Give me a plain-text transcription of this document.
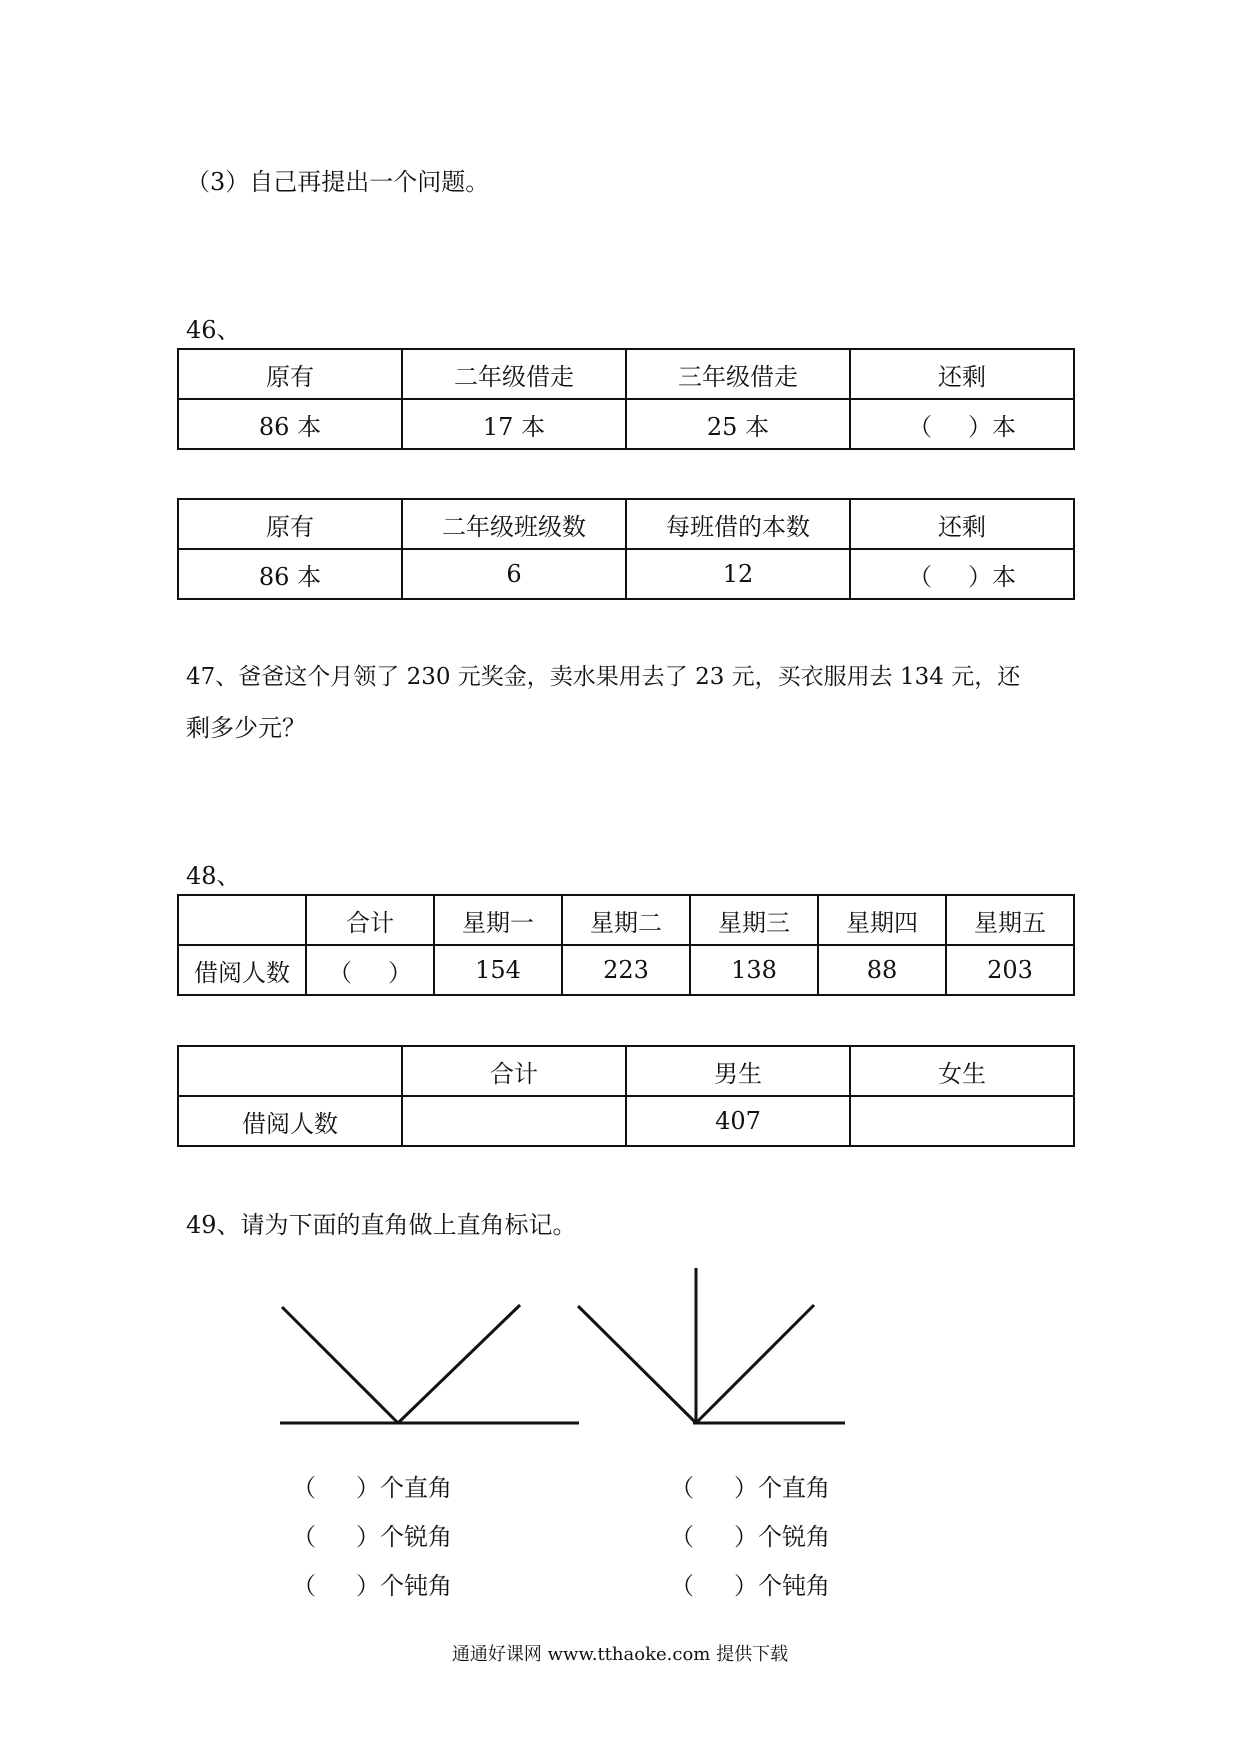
（3）自己再提出一个问题。
46、
原有	二年级借走	三年级借走	还剩
86 本	17 本	25 本	（ ）本
原有	二年级班级数	每班借的本数	还剩
86 本	6	12	（ ）本
47、爸爸这个月领了 230 元奖金，卖水果用去了 23 元，买衣服用去 134 元，还
剩多少元？
48、
	合计	星期一	星期二	星期三	星期四	星期五
借阅人数	（ ）	154	223	138	88	203
	合计	男生	女生
借阅人数		407	
49、请为下面的直角做上直角标记。
（ ）个直角
（ ）个锐角
（ ）个钝角
（ ）个直角
（ ）个锐角
（ ）个钝角
通通好课网 www.tthaoke.com 提供下载
